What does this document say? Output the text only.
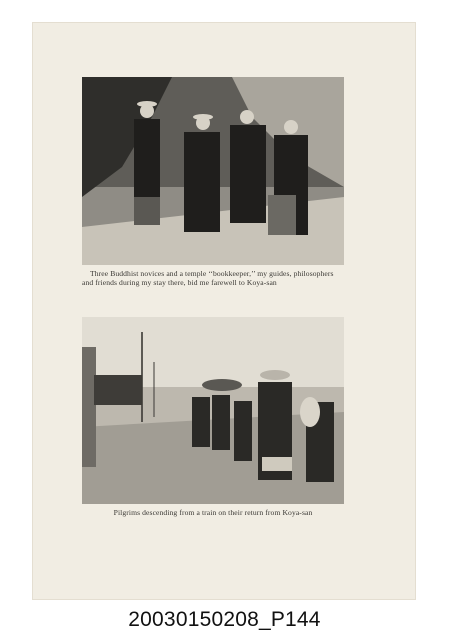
Three Buddhist novices and a temple ‘‘bookkeeper,’’ my guides, philosophers and friends during my stay there, bid me farewell to Koya-san
Pilgrims descending from a train on their return from Koya-san
20030150208_P144
